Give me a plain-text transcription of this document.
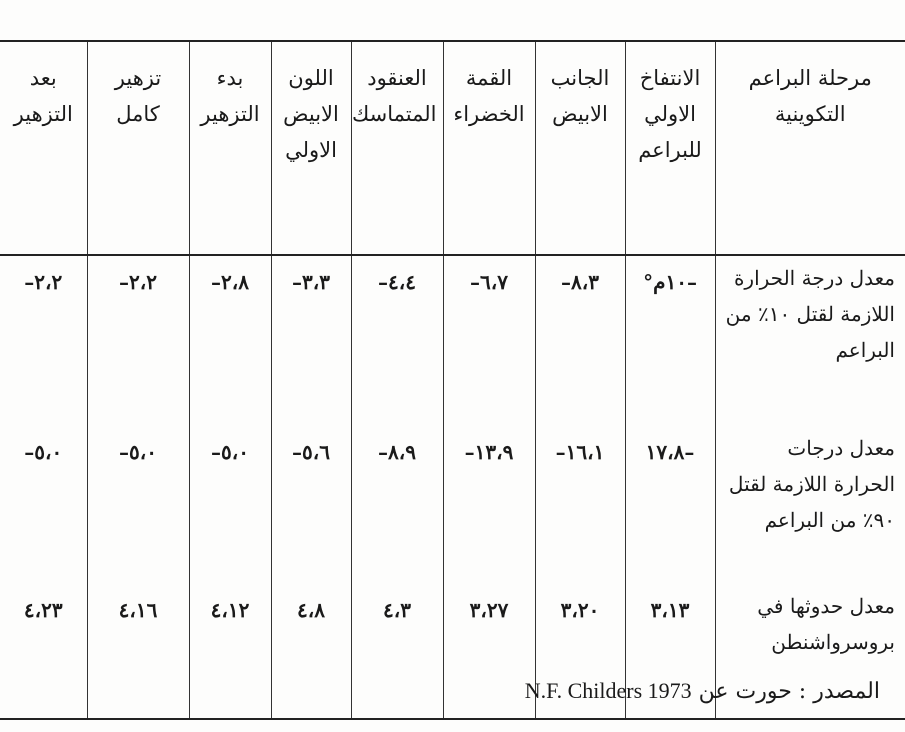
مرحلة البراعم التكوينية	الانتفاخ الاولي للبراعم	الجانب الابيض	القمة الخضراء	العنقود المتماسك	اللون الابيض الاولي	بدء التزهير	تزهير كامل	بعد التزهير
معدل درجة الحرارة اللازمة لقتل ١٠٪ من البراعم	–١٠م°	٨،٣–	٦،٧–	٤،٤–	٣،٣–	٢،٨–	٢،٢–	٢،٢–
معدل درجات الحرارة اللازمة لقتل ٩٠٪ من البراعم	–١٧،٨	١٦،١–	١٣،٩–	٨،٩–	٥،٦–	٥،٠–	٥،٠–	٥،٠–
معدل حدوثها في بروسرواشنطن	٣،١٣	٣،٢٠	٣،٢٧	٤،٣	٤،٨	٤،١٢	٤،١٦	٤،٢٣
المصدر : حورت عن N.F. Childers 1973
